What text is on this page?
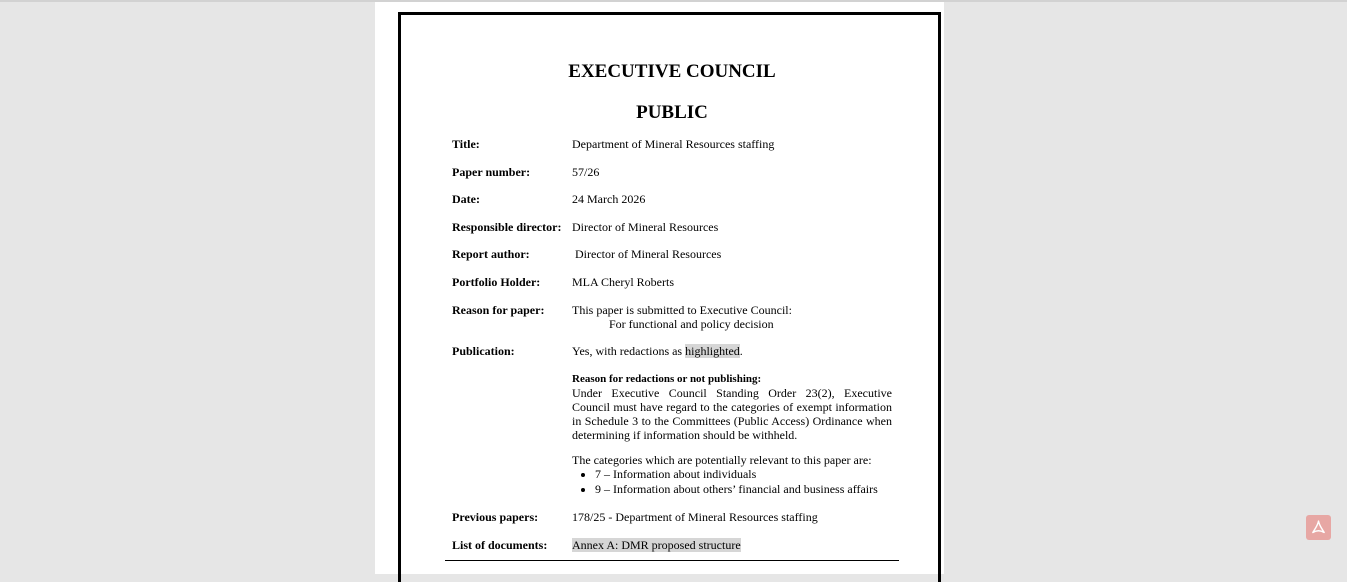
EXECUTIVE COUNCIL
PUBLIC
Title:	Department of Mineral Resources staffing
Paper number:	57/26
Date:	24 March 2026
Responsible director: Director of Mineral Resources
Report author:	Director of Mineral Resources
Portfolio Holder:	MLA Cheryl Roberts
Reason for paper:	This paper is submitted to Executive Council:
For functional and policy decision
Publication:	Yes, with redactions as highlighted.
Reason for redactions or not publishing:
Under Executive Council Standing Order 23(2), Executive Council must have regard to the categories of exempt information in Schedule 3 to the Committees (Public Access) Ordinance when determining if information should be withheld.
The categories which are potentially relevant to this paper are:
• 7 – Information about individuals
• 9 – Information about others’ financial and business affairs
Previous papers:	178/25 - Department of Mineral Resources staffing
List of documents:	Annex A: DMR proposed structure
